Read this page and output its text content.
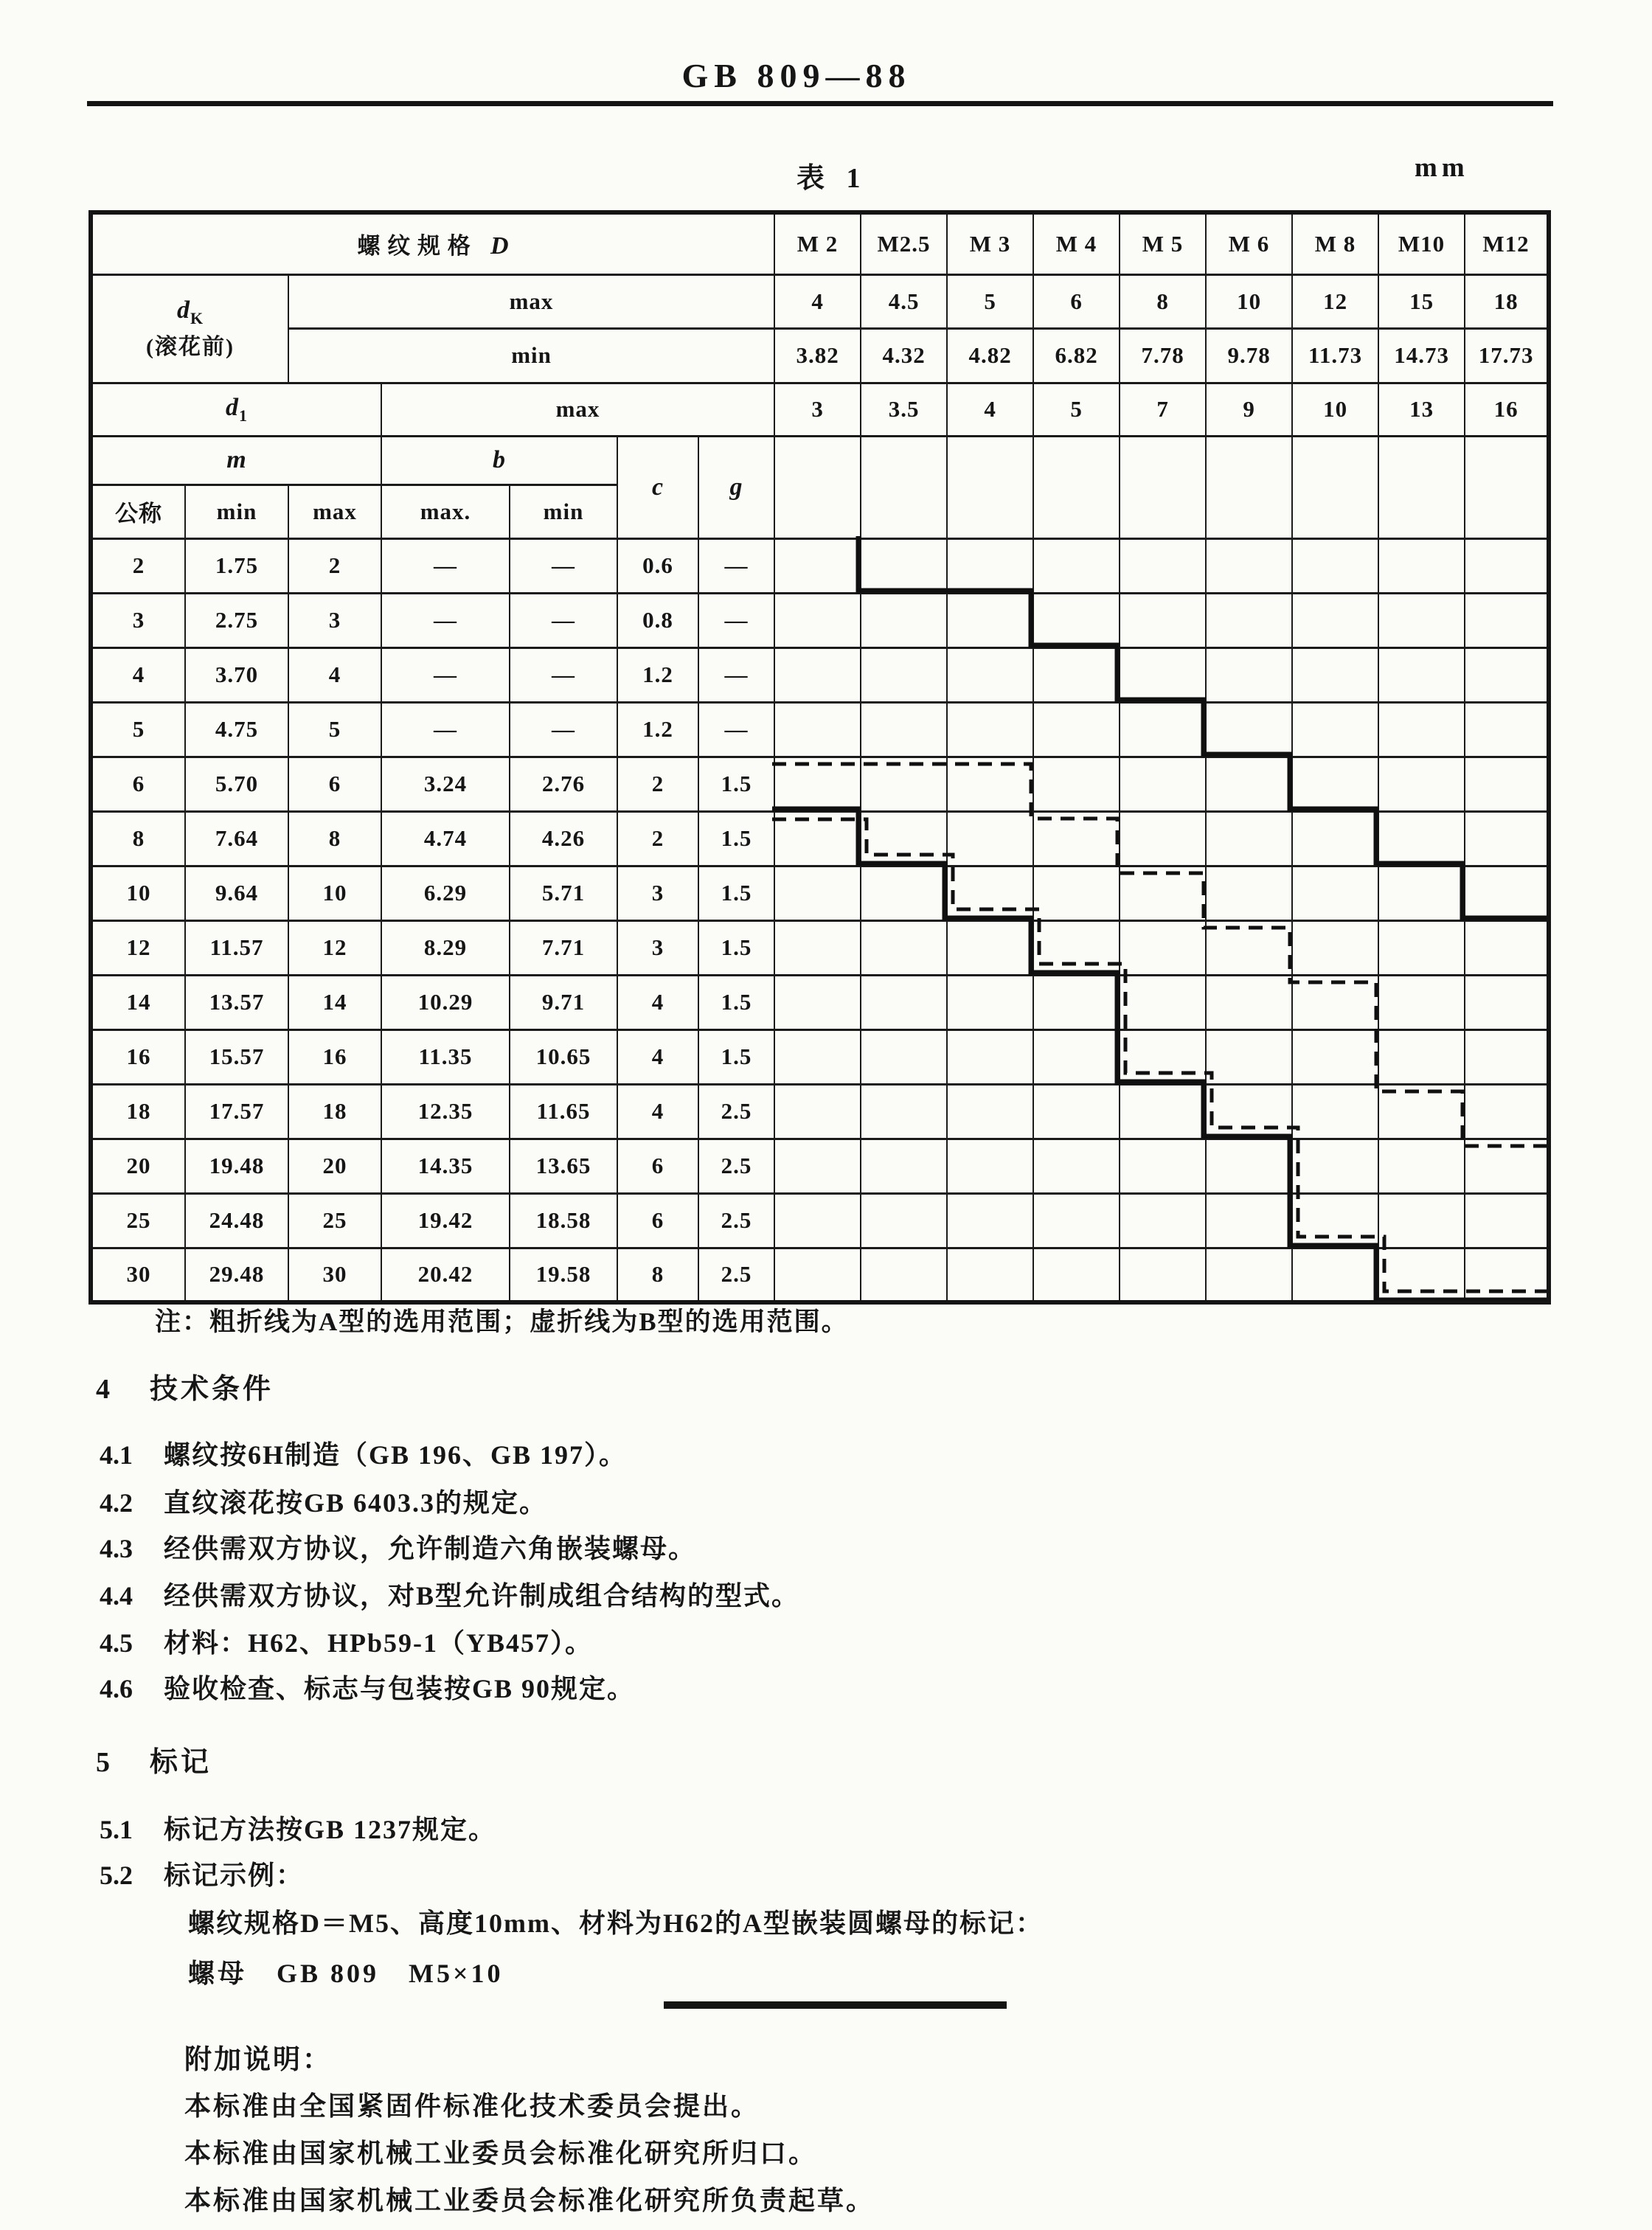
GB 809—88
表 1	mm
螺 纹 规 格 D							M 2	M2.5	M 3	M 4	M 5	M 6	M 8	M10	M12

$d_K$
(滚花前)		max					4	4.5	5	6	8	10	12	15	18
		min					3.82	4.32	4.82	6.82	7.78	9.78	11.73	14.73	17.73
$d_1$			max				3	3.5	4	5	7	9	10	13	16
m			b		c	g									
公称	min	max	max.	min											
2	1.75	2	—	—	0.6	—									
3	2.75	3	—	—	0.8	—									
4	3.70	4	—	—	1.2	—									
5	4.75	5	—	—	1.2	—									
6	5.70	6	3.24	2.76	2	1.5									
8	7.64	8	4.74	4.26	2	1.5									
10	9.64	10	6.29	5.71	3	1.5									
12	11.57	12	8.29	7.71	3	1.5									
14	13.57	14	10.29	9.71	4	1.5									
16	15.57	16	11.35	10.65	4	1.5									
18	17.57	18	12.35	11.65	4	2.5									
20	19.48	20	14.35	13.65	6	2.5									
25	24.48	25	19.42	18.58	6	2.5									
30	29.48	30	20.42	19.58	8	2.5									
注：粗折线为A型的选用范围；虚折线为B型的选用范围。
4 技术条件
4.1 螺纹按6H制造（GB 196、GB 197）。
4.2 直纹滚花按GB 6403.3的规定。
4.3 经供需双方协议，允许制造六角嵌装螺母。
4.4 经供需双方协议，对B型允许制成组合结构的型式。
4.5 材料：H62、HPb59-1（YB457）。
4.6 验收检查、标志与包装按GB 90规定。
5 标记
5.1 标记方法按GB 1237规定。
5.2 标记示例：
螺纹规格D＝M5、高度10mm、材料为H62的A型嵌装圆螺母的标记：
螺母　GB 809　M5×10
附加说明：
本标准由全国紧固件标准化技术委员会提出。
本标准由国家机械工业委员会标准化研究所归口。
本标准由国家机械工业委员会标准化研究所负责起草。
